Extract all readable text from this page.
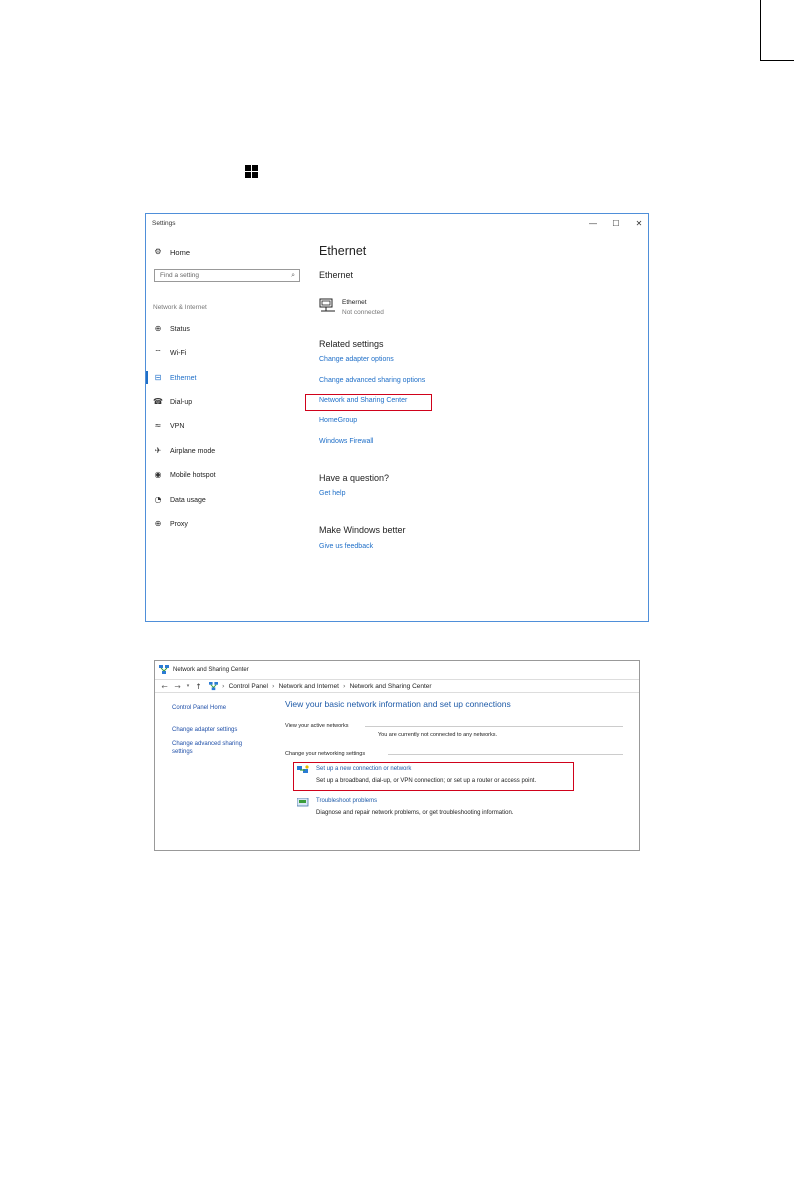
Settings	—	☐	✕
⚙ Home
Find a setting	⌕
Network & Internet
⊕ Status
⌔ Wi-Fi
⊟ Ethernet
☎ Dial-up
≈ VPN
✈ Airplane mode
◉ Mobile hotspot
◔ Data usage
⊕ Proxy
Ethernet
Ethernet
Ethernet
Not connected
Related settings
Change adapter options
Change advanced sharing options
Network and Sharing Center
HomeGroup
Windows Firewall
Have a question?
Get help
Make Windows better
Give us feedback
Network and Sharing Center
← →	▾ ↑	› Control Panel › Network and Internet › Network and Sharing Center
Control Panel Home
Change adapter settings
Change advanced sharing
settings
View your basic network information and set up connections
View your active networks
You are currently not connected to any networks.
Change your networking settings
Set up a new connection or network
Set up a broadband, dial-up, or VPN connection; or set up a router or access point.
Troubleshoot problems
Diagnose and repair network problems, or get troubleshooting information.
